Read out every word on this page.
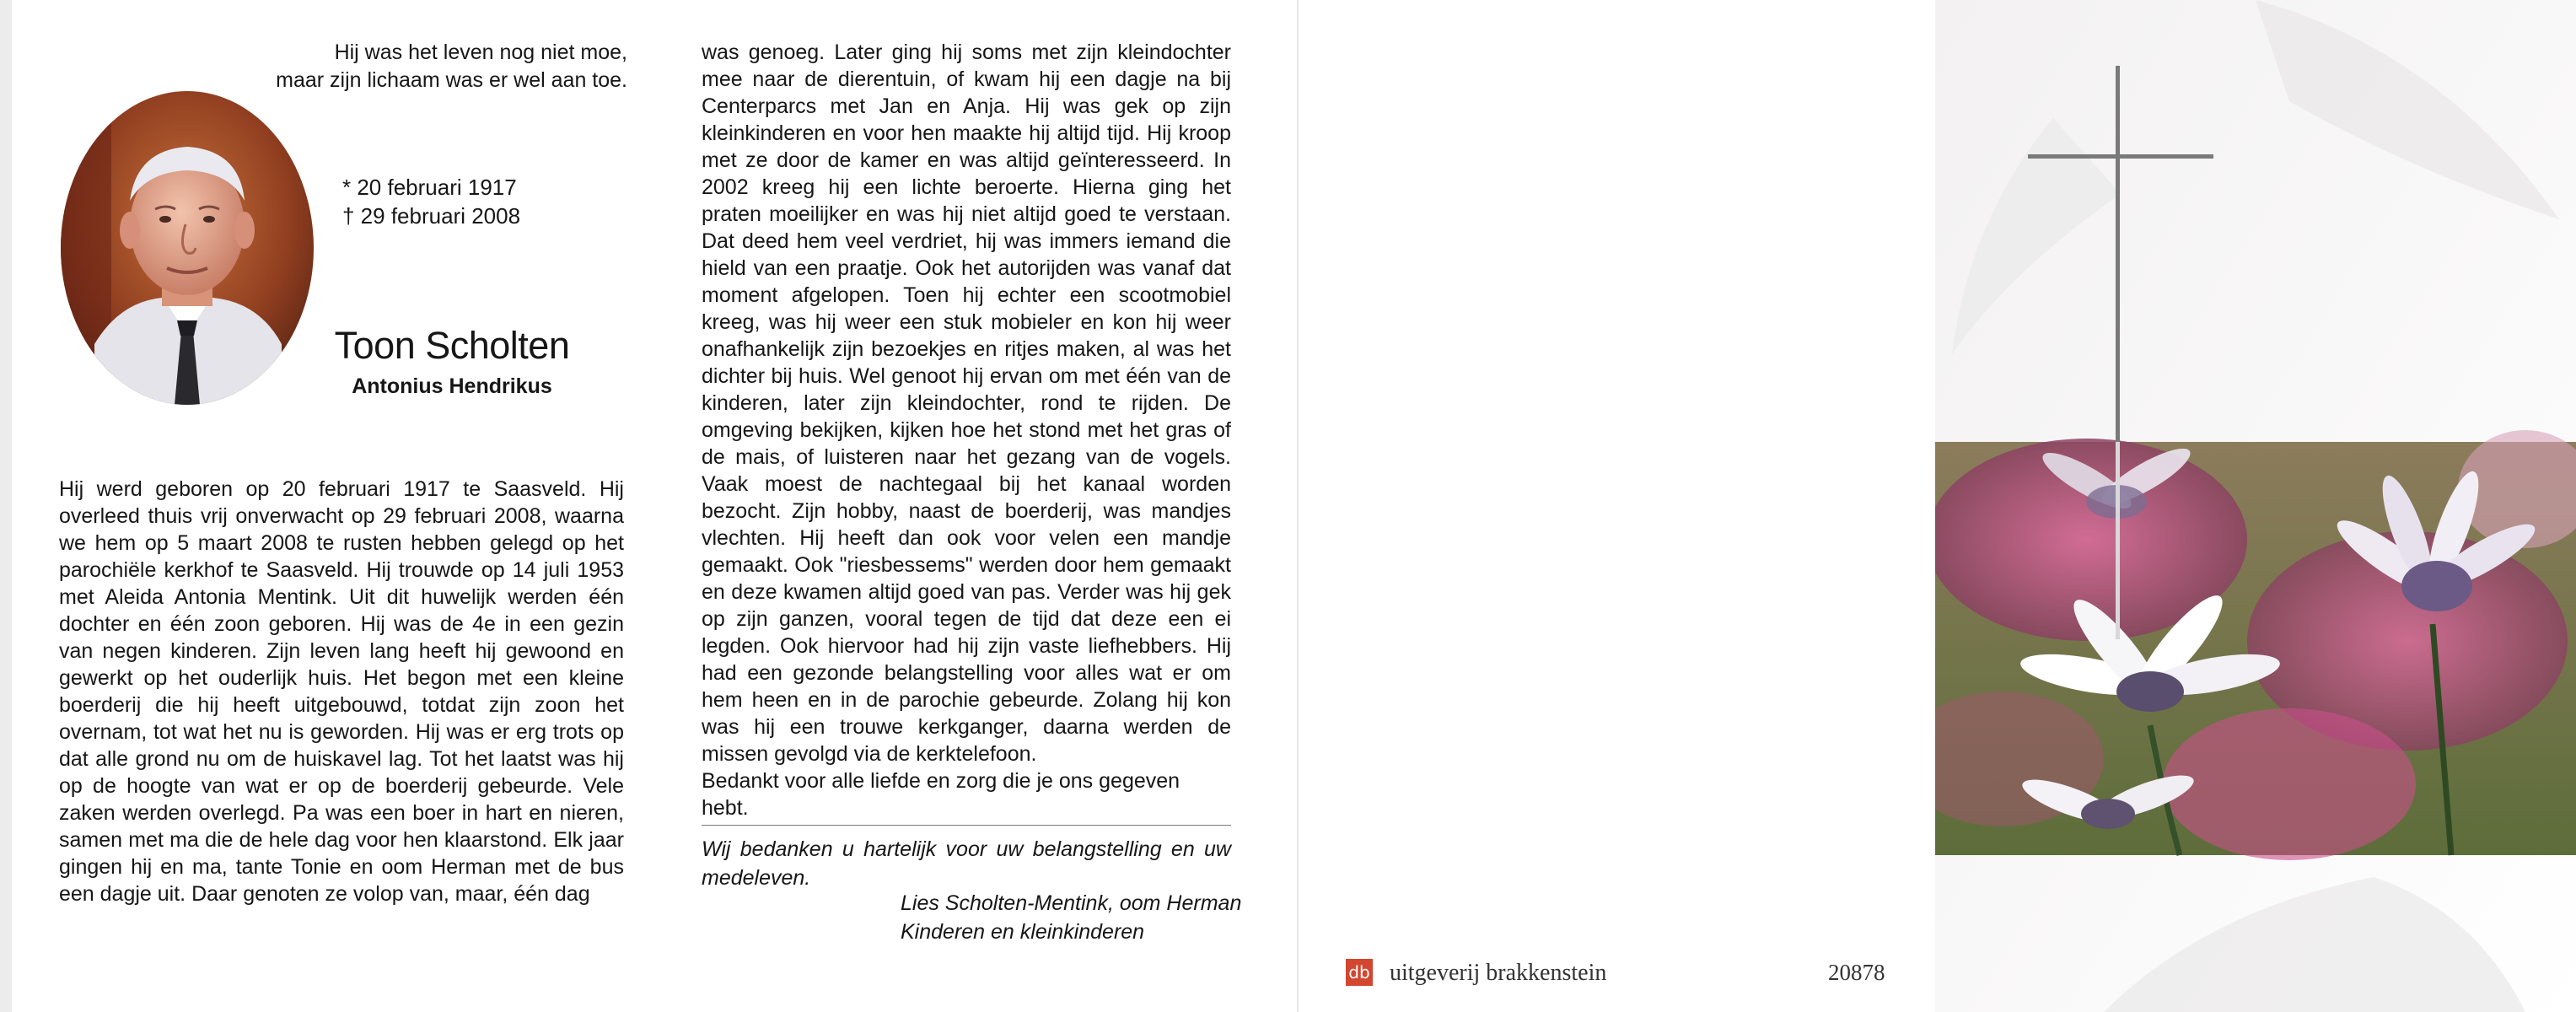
Hij was het leven nog niet moe,
maar zijn lichaam was er wel aan toe.
* 20 februari 1917
† 29 februari 2008
Toon Scholten
Antonius Hendrikus

Hij werd geboren op 20 februari 1917 te Saasveld. Hij overleed thuis vrij onverwacht op 29 februari 2008, waarna we hem op 5 maart 2008 te rusten hebben gelegd op het parochiële kerkhof te Saasveld. Hij trouwde op 14 juli 1953 met Aleida Antonia Mentink. Uit dit huwelijk werden één dochter en één zoon geboren. Hij was de 4e in een gezin van negen kinderen. Zijn leven lang heeft hij gewoond en gewerkt op het ouderlijk huis. Het begon met een kleine boerderij die hij heeft uitgebouwd, totdat zijn zoon het overnam, tot wat het nu is geworden. Hij was er erg trots op dat alle grond nu om de huiskavel lag. Tot het laatst was hij op de hoogte van wat er op de boerderij gebeurde. Vele zaken werden overlegd. Pa was een boer in hart en nieren, samen met ma die de hele dag voor hen klaarstond. Elk jaar gingen hij en ma, tante Tonie en oom Herman met de bus een dagje uit. Daar genoten ze volop van, maar, één dag

was genoeg. Later ging hij soms met zijn kleindochter mee naar de dierentuin, of kwam hij een dagje na bij Centerparcs met Jan en Anja. Hij was gek op zijn kleinkinderen en voor hen maakte hij altijd tijd. Hij kroop met ze door de kamer en was altijd geïnteresseerd. In 2002 kreeg hij een lichte beroerte. Hierna ging het praten moeilijker en was hij niet altijd goed te verstaan. Dat deed hem veel verdriet, hij was immers iemand die hield van een praatje. Ook het autorijden was vanaf dat moment afgelopen. Toen hij echter een scootmobiel kreeg, was hij weer een stuk mobieler en kon hij weer onafhankelijk zijn bezoekjes en ritjes maken, al was het dichter bij huis. Wel genoot hij ervan om met één van de kinderen, later zijn kleindochter, rond te rijden. De omgeving bekijken, kijken hoe het stond met het gras of de mais, of luisteren naar het gezang van de vogels. Vaak moest de nachtegaal bij het kanaal worden bezocht. Zijn hobby, naast de boerderij, was mandjes vlechten. Hij heeft dan ook voor velen een mandje gemaakt. Ook "riesbessems" werden door hem gemaakt en deze kwamen altijd goed van pas. Verder was hij gek op zijn ganzen, vooral tegen de tijd dat deze een ei legden. Ook hiervoor had hij zijn vaste liefhebbers. Hij had een gezonde belangstelling voor alles wat er om hem heen en in de parochie gebeurde. Zolang hij kon was hij een trouwe kerkganger, daarna werden de missen gevolgd via de kerktelefoon.

Bedankt voor alle liefde en zorg die je ons gegeven hebt.

Wij bedanken u hartelijk voor uw belangstelling en uw medeleven.

Lies Scholten-Mentink, oom Herman
Kinderen en kleinkinderen
db uitgeverij brakkenstein	20878
